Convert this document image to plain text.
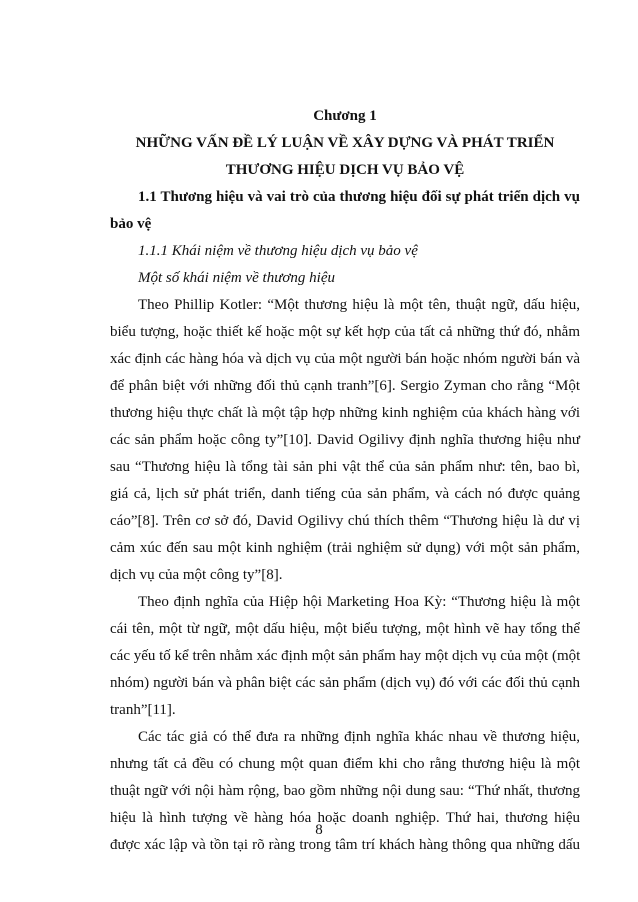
Chương 1
NHỮNG VẤN ĐỀ LÝ LUẬN VỀ XÂY DỰNG VÀ PHÁT TRIỂN
THƯƠNG HIỆU DỊCH VỤ BẢO VỆ
1.1 Thương hiệu và vai trò của thương hiệu đối sự phát triển dịch vụ
bảo vệ
1.1.1 Khái niệm về thương hiệu dịch vụ bảo vệ
Một số khái niệm về thương hiệu
Theo Phillip Kotler: “Một thương hiệu là một tên, thuật ngữ, dấu hiệu,
biểu tượng, hoặc thiết kế hoặc một sự kết hợp của tất cả những thứ đó, nhằm
xác định các hàng hóa và dịch vụ của một người bán hoặc nhóm người bán và
để phân biệt với những đối thủ cạnh tranh”[6]. Sergio Zyman cho rằng “Một
thương hiệu thực chất là một tập hợp những kinh nghiệm của khách hàng với
các sản phẩm hoặc công ty”[10]. David Ogilivy định nghĩa thương hiệu như
sau “Thương hiệu là tổng tài sản phi vật thể của sản phẩm như: tên, bao bì,
giá cả, lịch sử phát triển, danh tiếng của sản phẩm, và cách nó được quảng
cáo”[8]. Trên cơ sở đó, David Ogilivy chú thích thêm “Thương hiệu là dư vị
cảm xúc đến sau một kinh nghiệm (trải nghiệm sử dụng) với một sản phẩm,
dịch vụ của một công ty”[8].
Theo định nghĩa của Hiệp hội Marketing Hoa Kỳ: “Thương hiệu là một
cái tên, một từ ngữ, một dấu hiệu, một biểu tượng, một hình vẽ hay tổng thể
các yếu tố kể trên nhằm xác định một sản phẩm hay một dịch vụ của một (một
nhóm) người bán và phân biệt các sản phẩm (dịch vụ) đó với các đối thủ cạnh
tranh”[11].
Các tác giả có thể đưa ra những định nghĩa khác nhau về thương hiệu,
nhưng tất cả đều có chung một quan điểm khi cho rằng thương hiệu là một
thuật ngữ với nội hàm rộng, bao gồm những nội dung sau: “Thứ nhất, thương
hiệu là hình tượng về hàng hóa hoặc doanh nghiệp. Thứ hai, thương hiệu
được xác lập và tồn tại rõ ràng trong tâm trí khách hàng thông qua những dấu
8
